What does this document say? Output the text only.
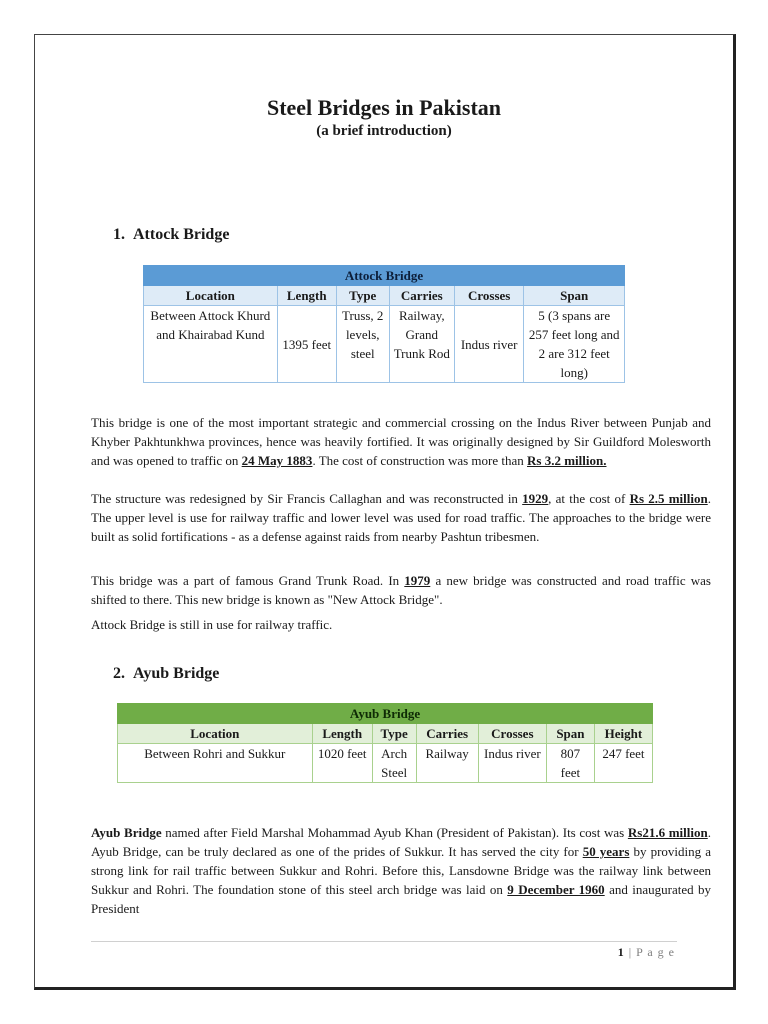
Steel Bridges in Pakistan
(a brief introduction)
1. Attock Bridge
Attock Bridge					
Location	Length	Type	Carries	Crosses	Span
Between Attock Khurd and Khairabad Kund	1395 feet	Truss, 2 levels, steel	Railway, Grand Trunk Rod	Indus river	5 (3 spans are 257 feet long and 2 are 312 feet long)

This bridge is one of the most important strategic and commercial crossing on the Indus River between Punjab and Khyber Pakhtunkhwa provinces, hence was heavily fortified. It was originally designed by Sir Guildford Molesworth and was opened to traffic on 24 May 1883. The cost of construction was more than Rs 3.2 million.

The structure was redesigned by Sir Francis Callaghan and was reconstructed in 1929, at the cost of Rs 2.5 million. The upper level is use for railway traffic and lower level was used for road traffic. The approaches to the bridge were built as solid fortifications - as a defense against raids from nearby Pashtun tribesmen.

This bridge was a part of famous Grand Trunk Road. In 1979 a new bridge was constructed and road traffic was shifted to there. This new bridge is known as "New Attock Bridge".

Attock Bridge is still in use for railway traffic.

2. Ayub Bridge
Ayub Bridge						
Location	Length	Type	Carries	Crosses	Span	Height
Between Rohri and Sukkur	1020 feet	Arch Steel	Railway	Indus river	807 feet	247 feet

Ayub Bridge named after Field Marshal Mohammad Ayub Khan (President of Pakistan). Its cost was Rs21.6 million. Ayub Bridge, can be truly declared as one of the prides of Sukkur. It has served the city for 50 years by providing a strong link for rail traffic between Sukkur and Rohri. Before this, Lansdowne Bridge was the railway link between Sukkur and Rohri. The foundation stone of this steel arch bridge was laid on 9 December 1960 and inaugurated by President

1 | P a g e
